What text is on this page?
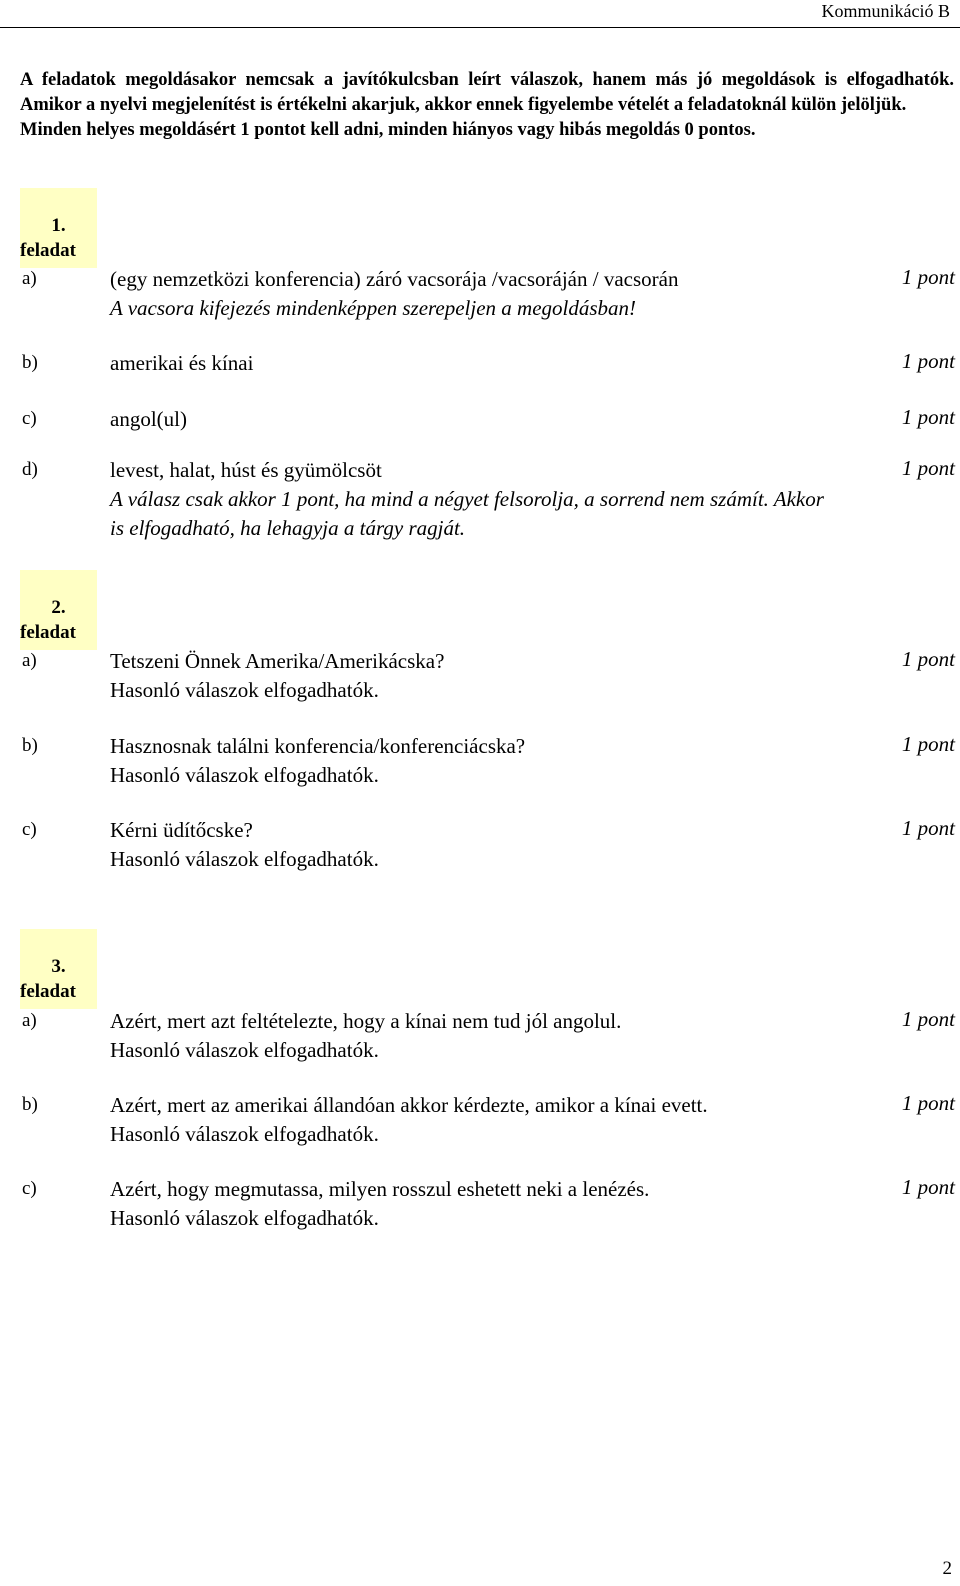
Kommunikáció B

A feladatok megoldásakor nemcsak a javítókulcsban leírt válaszok, hanem más jó megoldások is elfogadhatók. Amikor a nyelvi megjelenítést is értékelni akarjuk, akkor ennek figyelembe vételét a feladatoknál külön jelöljük.

Minden helyes megoldásért 1 pontot kell adni, minden hiányos vagy hibás megoldás 0 pontos.

1.
feladat
a)	(egy nemzetközi konferencia) záró vacsorája /vacsoráján / vacsorán
A vacsora kifejezés mindenképpen szerepeljen a megoldásban!
1 pont
b)	amerikai és kínai	1 pont
c)	angol(ul)	1 pont
d)	levest, halat, húst és gyümölcsöt
A válasz csak akkor 1 pont, ha mind a négyet felsorolja, a sorrend nem számít. Akkor is elfogadható, ha lehagyja a tárgy ragját.
1 pont
2.
feladat
a)	Tetszeni Önnek Amerika/Amerikácska?
Hasonló válaszok elfogadhatók.
1 pont
b)	Hasznosnak találni konferencia/konferenciácska?
Hasonló válaszok elfogadhatók.
1 pont
c)	Kérni üdítőcske?
Hasonló válaszok elfogadhatók.
1 pont
3.
feladat
a)	Azért, mert azt feltételezte, hogy a kínai nem tud jól angolul.
Hasonló válaszok elfogadhatók.
1 pont
b)	Azért, mert az amerikai állandóan akkor kérdezte, amikor a kínai evett.
Hasonló válaszok elfogadhatók.
1 pont
c)	Azért, hogy megmutassa, milyen rosszul eshetett neki a lenézés.
Hasonló válaszok elfogadhatók.
1 pont
2
